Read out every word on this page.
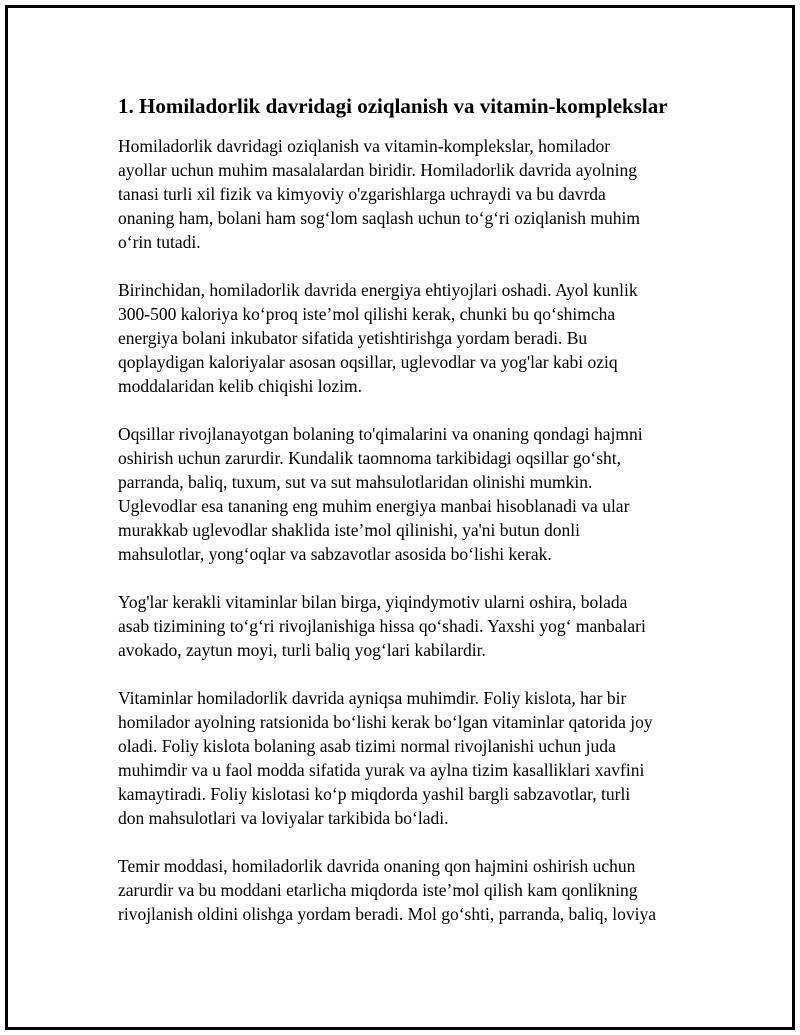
1. Homiladorlik davridagi oziqlanish va vitamin-komplekslar

Homiladorlik davridagi oziqlanish va vitamin-komplekslar, homilador
ayollar uchun muhim masalalardan biridir. Homiladorlik davrida ayolning
tanasi turli xil fizik va kimyoviy o'zgarishlarga uchraydi va bu davrda
onaning ham, bolani ham sog‘lom saqlash uchun to‘g‘ri oziqlanish muhim
o‘rin tutadi.

Birinchidan, homiladorlik davrida energiya ehtiyojlari oshadi. Ayol kunlik
300-500 kaloriya ko‘proq iste’mol qilishi kerak, chunki bu qo‘shimcha
energiya bolani inkubator sifatida yetishtirishga yordam beradi. Bu
qoplaydigan kaloriyalar asosan oqsillar, uglevodlar va yog'lar kabi oziq
moddalaridan kelib chiqishi lozim.

Oqsillar rivojlanayotgan bolaning to'qimalarini va onaning qondagi hajmni
oshirish uchun zarurdir. Kundalik taomnoma tarkibidagi oqsillar go‘sht,
parranda, baliq, tuxum, sut va sut mahsulotlaridan olinishi mumkin.
Uglevodlar esa tananing eng muhim energiya manbai hisoblanadi va ular
murakkab uglevodlar shaklida iste’mol qilinishi, ya'ni butun donli
mahsulotlar, yong‘oqlar va sabzavotlar asosida bo‘lishi kerak.

Yog'lar kerakli vitaminlar bilan birga, yiqindymotiv ularni oshira, bolada
asab tizimining to‘g‘ri rivojlanishiga hissa qo‘shadi. Yaxshi yog‘ manbalari
avokado, zaytun moyi, turli baliq yog‘lari kabilardir.

Vitaminlar homiladorlik davrida ayniqsa muhimdir. Foliy kislota, har bir
homilador ayolning ratsionida bo‘lishi kerak bo‘lgan vitaminlar qatorida joy
oladi. Foliy kislota bolaning asab tizimi normal rivojlanishi uchun juda
muhimdir va u faol modda sifatida yurak va aylna tizim kasalliklari xavfini
kamaytiradi. Foliy kislotasi ko‘p miqdorda yashil bargli sabzavotlar, turli
don mahsulotlari va loviyalar tarkibida bo‘ladi.

Temir moddasi, homiladorlik davrida onaning qon hajmini oshirish uchun
zarurdir va bu moddani etarlicha miqdorda iste’mol qilish kam qonlikning
rivojlanish oldini olishga yordam beradi. Mol go‘shti, parranda, baliq, loviya
